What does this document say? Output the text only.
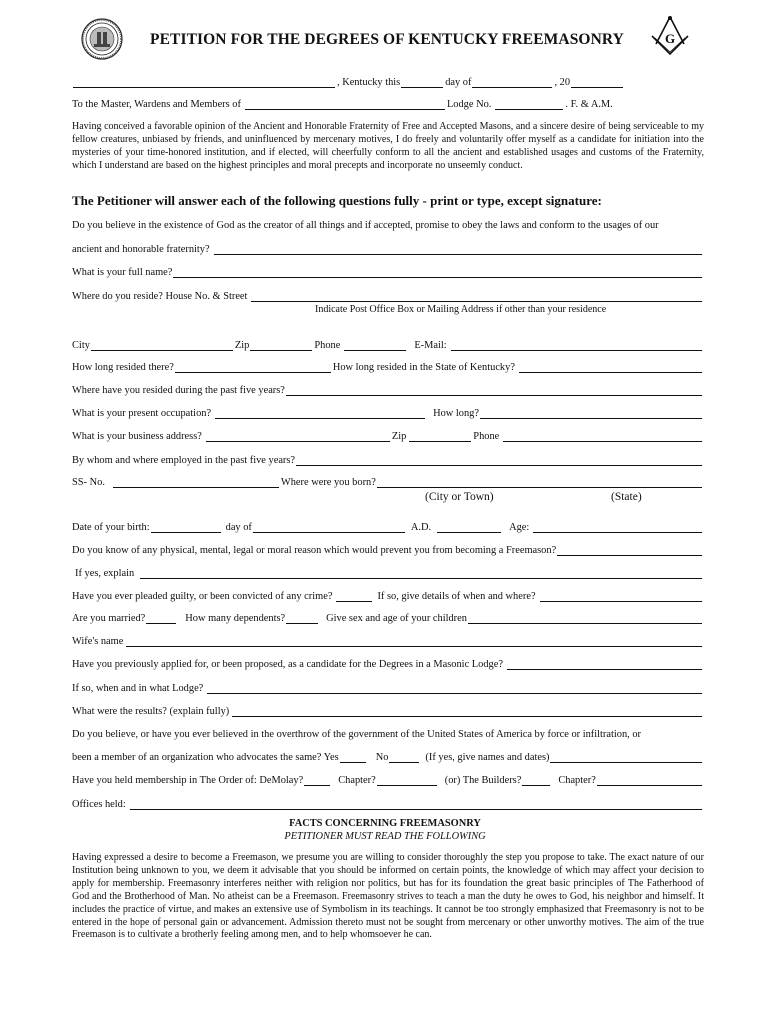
G
PETITION FOR THE DEGREES OF KENTUCKY FREEMASONRY
, Kentucky this	day of	, 20
To the Master, Wardens and Members of	Lodge No.	. F. & A.M.
Having conceived a favorable opinion of the Ancient and Honorable Fraternity of Free and Accepted Masons, and a sincere desire of being serviceable to my fellow creatures, unbiased by friends, and uninfluenced by mercenary motives, I do freely and voluntarily offer myself as a candidate for initiation into the mysteries of your time-honored institution, and if elected, will cheerfully conform to all the ancient and established usages and customs of the Fraternity, which I understand are based on the highest principles and moral precepts and incorporate no unseemly conduct.
The Petitioner will answer each of the following questions fully - print or type, except signature:
Do you believe in the existence of God as the creator of all things and if accepted, promise to obey the laws and conform to the usages of our
ancient and honorable fraternity?
What is your full name?
Where do you reside? House No. & Street
Indicate Post Office Box or Mailing Address if other than your residence
City	Zip	Phone	E-Mail:
How long resided there?	How long resided in the State of Kentucky?
Where have you resided during the past five years?
What is your present occupation?	How long?
What is your business address?	Zip	Phone
By whom and where employed in the past five years?
SS- No.	Where were you born?
(City or Town)	(State)
Date of your birth:	day of	A.D.	Age:
Do you know of any physical, mental, legal or moral reason which would prevent you from becoming a Freemason?
If yes, explain
Have you ever pleaded guilty, or been convicted of any crime?	If so, give details of when and where?
Are you married?	How many dependents?	Give sex and age of your children
Wife's name
Have you previously applied for, or been proposed, as a candidate for the Degrees in a Masonic Lodge?
If so, when and in what Lodge?
What were the results? (explain fully)
Do you believe, or have you ever believed in the overthrow of the government of the United States of America by force or infiltration, or
been a member of an organization who advocates the same? Yes	No	(If yes, give names and dates)
Have you held membership in The Order of: DeMolay?	Chapter?	(or) The Builders?	Chapter?
Offices held:
FACTS CONCERNING FREEMASONRY
PETITIONER MUST READ THE FOLLOWING
Having expressed a desire to become a Freemason, we presume you are willing to consider thoroughly the step you propose to take. The exact nature of our Institution being unknown to you, we deem it advisable that you should be informed on certain points, the knowledge of which may affect your decision to apply for membership. Freemasonry interferes neither with religion nor politics, but has for its foundation the great basic principles of The Fatherhood of God and the Brotherhood of Man. No atheist can be a Freemason. Freemasonry strives to teach a man the duty he owes to God, his neighbor and himself. It includes the practice of virtue, and makes an extensive use of Symbolism in its teachings. It cannot be too strongly emphasized that Freemasonry is not to be entered in the hope of personal gain or advancement. Admission thereto must not be sought from mercenary or other unworthy motives. The aim of the true Freemason is to cultivate a brotherly feeling among men, and to help whomsoever he can.
